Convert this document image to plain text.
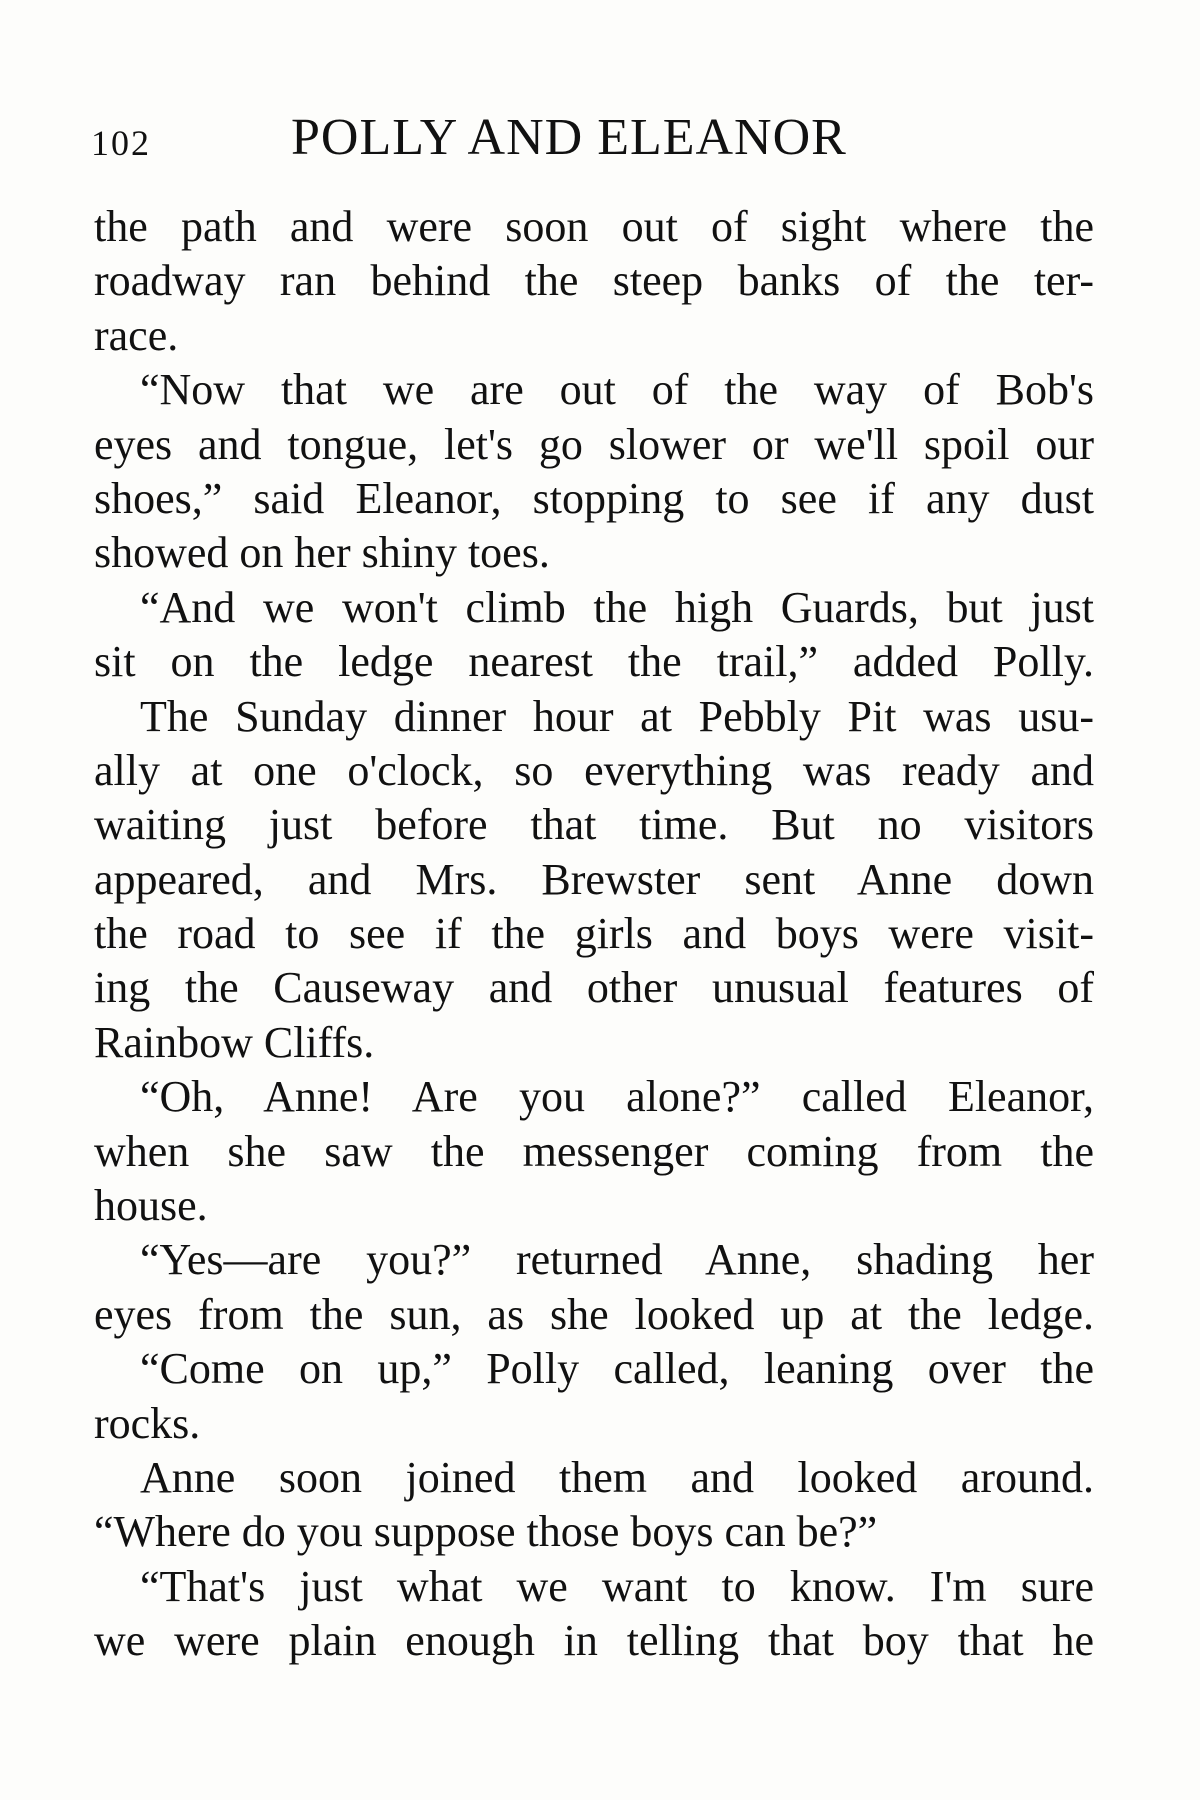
102	POLLY AND ELEANOR
the path and were soon out of sight where the
roadway ran behind the steep banks of the ter-
race.
“Now that we are out of the way of Bob's
eyes and tongue, let's go slower or we'll spoil our
shoes,” said Eleanor, stopping to see if any dust
showed on her shiny toes.
“And we won't climb the high Guards, but just
sit on the ledge nearest the trail,” added Polly.
The Sunday dinner hour at Pebbly Pit was usu-
ally at one o'clock, so everything was ready and
waiting just before that time. But no visitors
appeared, and Mrs. Brewster sent Anne down
the road to see if the girls and boys were visit-
ing the Causeway and other unusual features of
Rainbow Cliffs.
“Oh, Anne! Are you alone?” called Eleanor,
when she saw the messenger coming from the
house.
“Yes—are you?” returned Anne, shading her
eyes from the sun, as she looked up at the ledge.
“Come on up,” Polly called, leaning over the
rocks.
Anne soon joined them and looked around.
“Where do you suppose those boys can be?”
“That's just what we want to know. I'm sure
we were plain enough in telling that boy that he
